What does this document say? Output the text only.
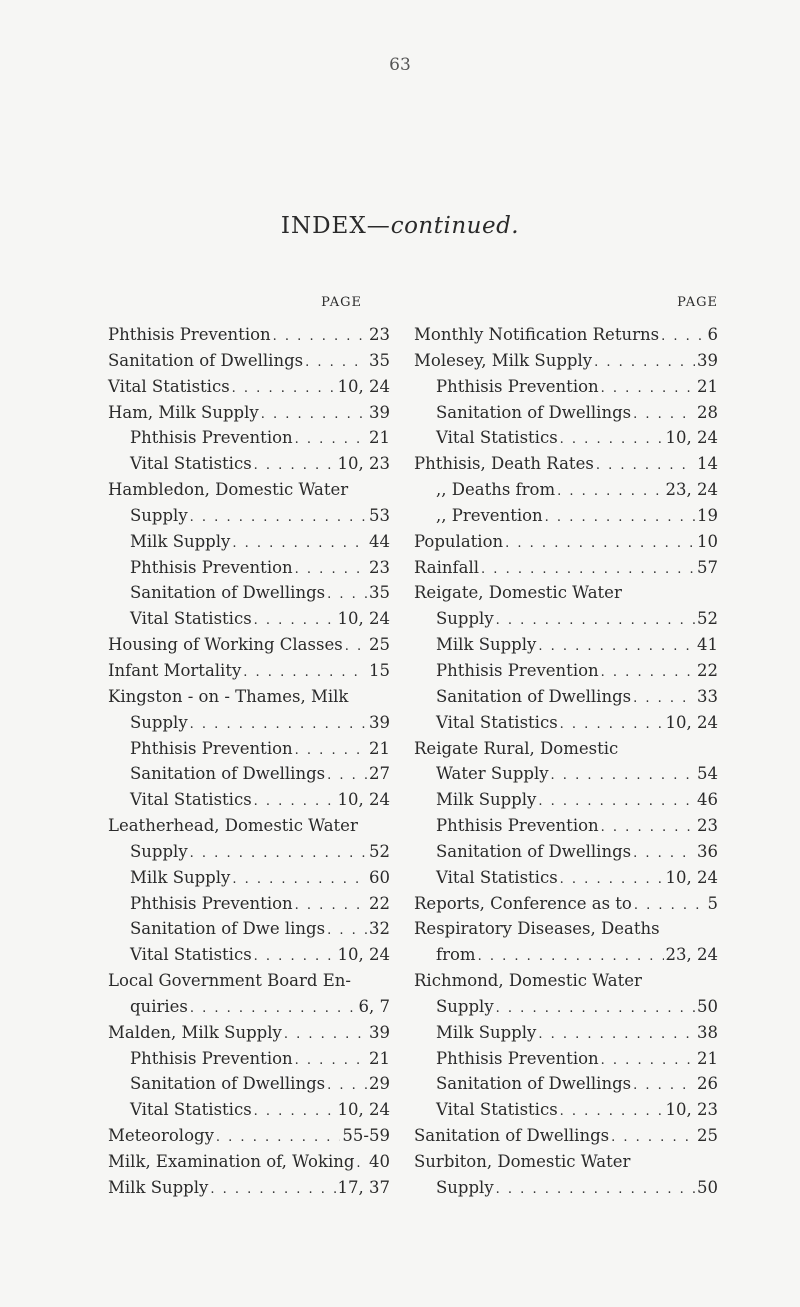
63
INDEX—continued.
PAGE
Phthisis Prevention . . .	23
Sanitation of Dwellings . . .	35
Vital Statistics . . .	10, 24
Ham, Milk Supply . . .	39
Phthisis Prevention . . .	21
Vital Statistics . . .	10, 23
Hambledon, Domestic Water
Supply . . .	53
Milk Supply . . .	44
Phthisis Prevention . . .	23
Sanitation of Dwellings . . .	35
Vital Statistics . . .	10, 24
Housing of Working Classes . . . 25
Infant Mortality . . .	15
Kingston - on - Thames, Milk
Supply . . .	39
Phthisis Prevention . . .	21
Sanitation of Dwellings . . .	27
Vital Statistics . . .	10, 24
Leatherhead, Domestic Water
Supply . . .	52
Milk Supply . . .	60
Phthisis Prevention . . .	22
Sanitation of Dwe lings . . .	32
Vital Statistics . . .	10, 24
Local Government Board En-
quiries . . .	6, 7
Malden, Milk Supply . . .	39
Phthisis Prevention . . .	21
Sanitation of Dwellings . . .	29
Vital Statistics . . .	10, 24
Meteorology . . .	55-59
Milk, Examination of, Woking . . . 40
Milk Supply . . .	17, 37
PAGE
Monthly Notification Returns . . .	6
Molesey, Milk Supply . . .	39
Phthisis Prevention . . .	21
Sanitation of Dwellings . . .	28
Vital Statistics . . .	10, 24
Phthisis, Death Rates . . .	14
,, Deaths from . . .	23, 24
,, Prevention . . .	19
Population . . .	10
Rainfall . . .	57
Reigate, Domestic Water
Supply . . .	52
Milk Supply . . .	41
Phthisis Prevention . . .	22
Sanitation of Dwellings . . .	33
Vital Statistics . . .	10, 24
Reigate Rural, Domestic
Water Supply . . .	54
Milk Supply . . .	46
Phthisis Prevention . . .	23
Sanitation of Dwellings . . .	36
Vital Statistics . . .	10, 24
Reports, Conference as to . . .	5
Respiratory Diseases, Deaths
from . . .	23, 24
Richmond, Domestic Water
Supply . . .	50
Milk Supply . . .	38
Phthisis Prevention . . .	21
Sanitation of Dwellings . . .	26
Vital Statistics . . .	10, 23
Sanitation of Dwellings . . .	25
Surbiton, Domestic Water
Supply . . .	50
